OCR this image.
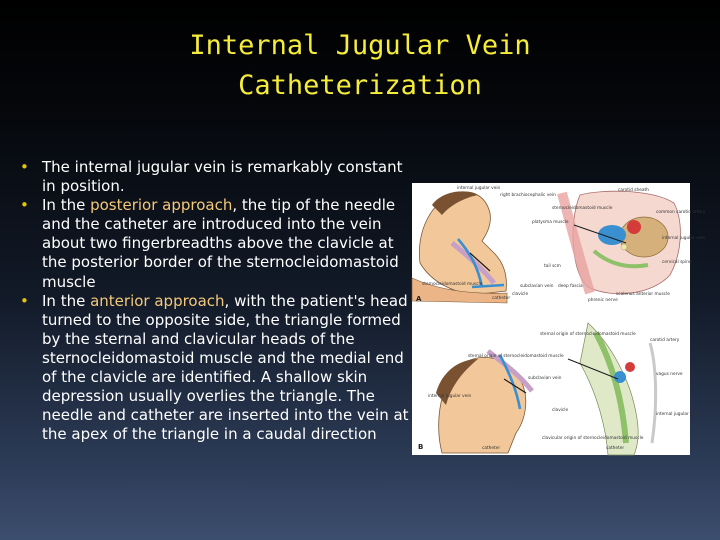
Internal Jugular Vein
Catheterization
• The internal jugular vein is remarkably constant in position.
• In the posterior approach, the tip of the needle and the catheter are introduced into the vein about two fingerbreadths above the clavicle at the posterior border of the sternocleidomastoid muscle
• In the anterior approach, with the patient's head turned to the opposite side, the triangle formed by the sternal and clavicular heads of the sternocleidomastoid muscle and the medial end of the clavicle are identified. A shallow skin depression usually overlies the triangle. The needle and catheter are inserted into the vein at the apex of the triangle in a caudal direction
A
internal jugular vein
right brachiocephalic vein
sternocleidomastoid muscle
carotid sheath
common carotid artery
platysma muscle
internal jugular vein
cervical spine
tail scm
deep fascia
phrenic nerve
scalenus anterior muscle
subclavian vein
clavicle
catheter
sternocleidomastoid muscle
B
sternal origin of sternocleidomastoid muscle
sternal origin of sternocleidomastoid muscle
internal jugular vein
subclavian vein
carotid artery
vagus nerve
clavicle
clavicular origin of sternocleidomastoid muscle
catheter	catheter
internal jugular vein
